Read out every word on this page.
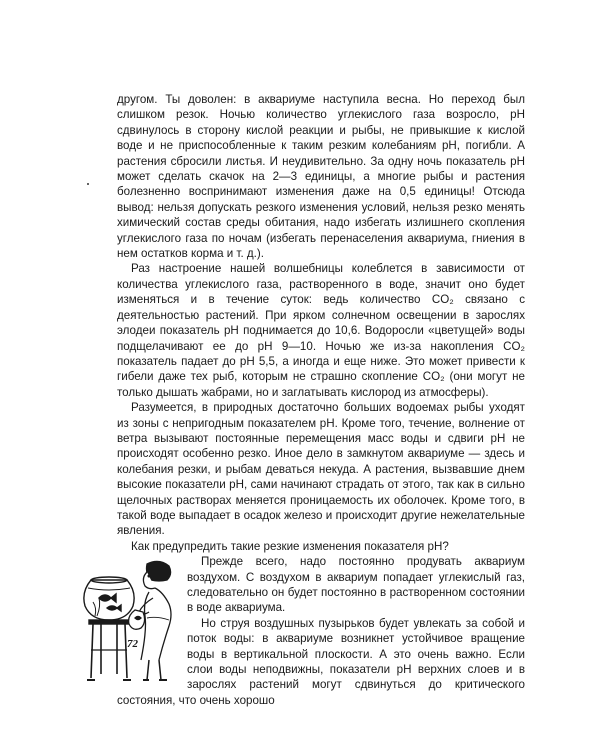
другом. Ты доволен: в аквариуме наступила весна. Но переход был слишком резок. Ночью количество углекислого газа возросло, pH сдвинулось в сторону кислой реакции и рыбы, не привыкшие к кислой воде и не приспособленные к таким резким колебаниям pH, погибли. А растения сбросили листья. И неудивительно. За одну ночь показатель pH может сделать скачок на 2—3 единицы, а многие рыбы и растения болезненно воспринимают изменения даже на 0,5 единицы! Отсюда вывод: нельзя допускать резкого изменения условий, нельзя резко менять химический состав среды обитания, надо избегать излишнего скопления углекислого газа по ночам (избегать перенаселения аквариума, гниения в нем остатков корма и т. д.).

Раз настроение нашей волшебницы колеблется в зависимости от количества углекислого газа, растворенного в воде, значит оно будет изменяться и в течение суток: ведь количество CO₂ связано с деятельностью растений. При ярком солнечном освещении в зарослях элодеи показатель pH поднимается до 10,6. Водоросли «цветущей» воды подщелачивают ее до pH 9—10. Ночью же из-за накопления CO₂ показатель падает до pH 5,5, а иногда и еще ниже. Это может привести к гибели даже тех рыб, которым не страшно скопление CO₂ (они могут не только дышать жабрами, но и заглатывать кислород из атмосферы).

Разумеется, в природных достаточно больших водоемах рыбы уходят из зоны с непригодным показателем pH. Кроме того, течение, волнение от ветра вызывают постоянные перемещения масс воды и сдвиги pH не происходят особенно резко. Иное дело в замкнутом аквариуме — здесь и колебания резки, и рыбам деваться некуда. А растения, вызвавшие днем высокие показатели pH, сами начинают страдать от этого, так как в сильно щелочных растворах меняется проницаемость их оболочек. Кроме того, в такой воде выпадает в осадок железо и происходит другие нежелательные явления.

Как предупредить такие резкие изменения показателя pH?

Прежде всего, надо постоянно продувать аквариум воздухом. С воздухом в аквариум попадает углекислый газ, следовательно он будет постоянно в растворенном состоянии в воде аквариума.

Но струя воздушных пузырьков будет увлекать за собой и поток воды: в аквариуме возникнет устойчивое вращение воды в вертикальной плоскости. А это очень важно. Если слои воды неподвижны, показатели pH верхних слоев и в зарослях растений могут сдвинуться до критического состояния, что очень хорошо

72
